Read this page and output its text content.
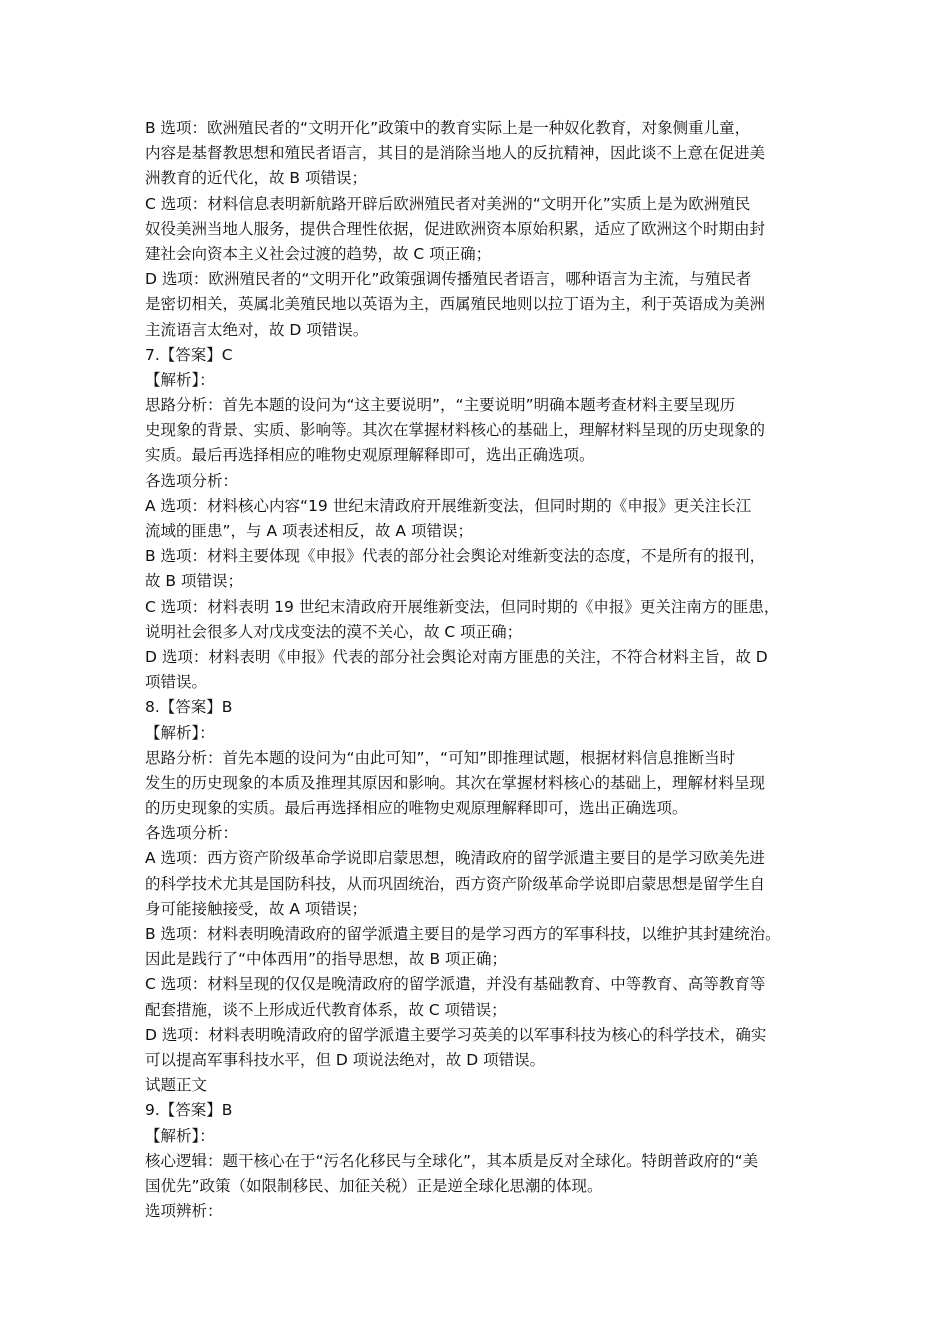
B 选项：欧洲殖民者的“文明开化”政策中的教育实际上是一种奴化教育，对象侧重儿童，
内容是基督教思想和殖民者语言，其目的是消除当地人的反抗精神，因此谈不上意在促进美
洲教育的近代化，故 B 项错误；
C 选项：材料信息表明新航路开辟后欧洲殖民者对美洲的“文明开化”实质上是为欧洲殖民
奴役美洲当地人服务，提供合理性依据，促进欧洲资本原始积累，适应了欧洲这个时期由封
建社会向资本主义社会过渡的趋势，故 C 项正确；
D 选项：欧洲殖民者的“文明开化”政策强调传播殖民者语言，哪种语言为主流，与殖民者
是密切相关，英属北美殖民地以英语为主，西属殖民地则以拉丁语为主，利于英语成为美洲
主流语言太绝对，故 D 项错误。
7.【答案】C
【解析】：
思路分析：首先本题的设问为“这主要说明”，“主要说明”明确本题考查材料主要呈现历
史现象的背景、实质、影响等。其次在掌握材料核心的基础上，理解材料呈现的历史现象的
实质。最后再选择相应的唯物史观原理解释即可，选出正确选项。
各选项分析：
A 选项：材料核心内容“19 世纪末清政府开展维新变法，但同时期的《申报》更关注长江
流域的匪患”，与 A 项表述相反，故 A 项错误；
B 选项：材料主要体现《申报》代表的部分社会舆论对维新变法的态度，不是所有的报刊，
故 B 项错误；
C 选项：材料表明 19 世纪末清政府开展维新变法，但同时期的《申报》更关注南方的匪患，
说明社会很多人对戊戌变法的漠不关心，故 C 项正确；
D 选项：材料表明《申报》代表的部分社会舆论对南方匪患的关注，不符合材料主旨，故 D
项错误。
8.【答案】B
【解析】：
思路分析：首先本题的设问为“由此可知”，“可知”即推理试题，根据材料信息推断当时
发生的历史现象的本质及推理其原因和影响。其次在掌握材料核心的基础上，理解材料呈现
的历史现象的实质。最后再选择相应的唯物史观原理解释即可，选出正确选项。
各选项分析：
A 选项：西方资产阶级革命学说即启蒙思想，晚清政府的留学派遣主要目的是学习欧美先进
的科学技术尤其是国防科技，从而巩固统治，西方资产阶级革命学说即启蒙思想是留学生自
身可能接触接受，故 A 项错误；
B 选项：材料表明晚清政府的留学派遣主要目的是学习西方的军事科技，以维护其封建统治。
因此是践行了“中体西用”的指导思想，故 B 项正确；
C 选项：材料呈现的仅仅是晚清政府的留学派遣，并没有基础教育、中等教育、高等教育等
配套措施，谈不上形成近代教育体系，故 C 项错误；
D 选项：材料表明晚清政府的留学派遣主要学习英美的以军事科技为核心的科学技术，确实
可以提高军事科技水平，但 D 项说法绝对，故 D 项错误。
试题正文
9.【答案】B
【解析】：
核心逻辑：题干核心在于“污名化移民与全球化”，其本质是反对全球化。特朗普政府的“美
国优先”政策（如限制移民、加征关税）正是逆全球化思潮的体现。
选项辨析：
